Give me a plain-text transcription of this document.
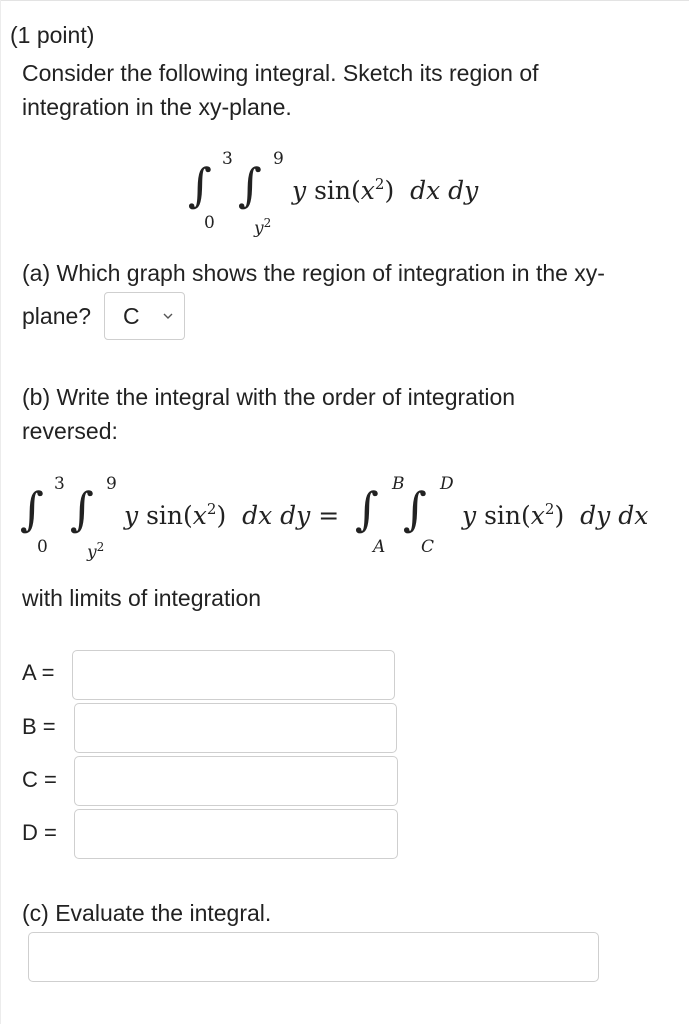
(1 point)
Consider the following integral. Sketch its region of
integration in the xy-plane.
∫ 3
0
∫ 9
$y^2$
y $\sin(x^2)$  dx dy
(a) Which graph shows the region of integration in the xy-
plane? C
(b) Write the integral with the order of integration
reversed:
∫ 3
0
∫ 9
$y^2$
y $\sin(x^2)$  dx dy = ∫ B
A
∫ D
C
y $\sin(x^2)$  dy dx
with limits of integration
A =
B =
C =
D =
(c) Evaluate the integral.
